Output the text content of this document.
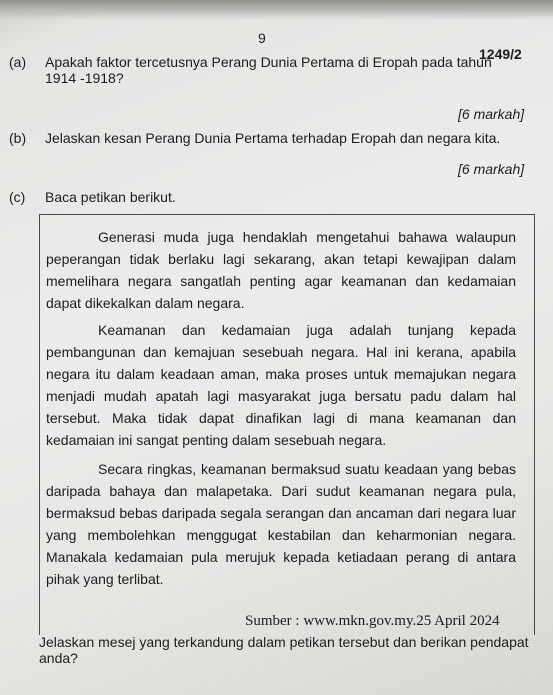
9
1249/2
(a) Apakah faktor tercetusnya Perang Dunia Pertama di Eropah pada tahun 1914 -1918?
[6 markah]
(b) Jelaskan kesan Perang Dunia Pertama terhadap Eropah dan negara kita.
[6 markah]
(c) Baca petikan berikut.
Generasi muda juga hendaklah mengetahui bahawa walaupun peperangan tidak berlaku lagi sekarang, akan tetapi kewajipan dalam memelihara negara sangatlah penting agar keamanan dan kedamaian dapat dikekalkan dalam negara.
Keamanan dan kedamaian juga adalah tunjang kepada pembangunan dan kemajuan sesebuah negara. Hal ini kerana, apabila negara itu dalam keadaan aman, maka proses untuk memajukan negara menjadi mudah apatah lagi masyarakat juga bersatu padu dalam hal tersebut. Maka tidak dapat dinafikan lagi di mana keamanan dan kedamaian ini sangat penting dalam sesebuah negara.
Secara ringkas, keamanan bermaksud suatu keadaan yang bebas daripada bahaya dan malapetaka. Dari sudut keamanan negara pula, bermaksud bebas daripada segala serangan dan ancaman dari negara luar yang membolehkan menggugat kestabilan dan keharmonian negara. Manakala kedamaian pula merujuk kepada ketiadaan perang di antara pihak yang terlibat.
Sumber : www.mkn.gov.my.25 April 2024
Jelaskan mesej yang terkandung dalam petikan tersebut dan berikan pendapat anda?
